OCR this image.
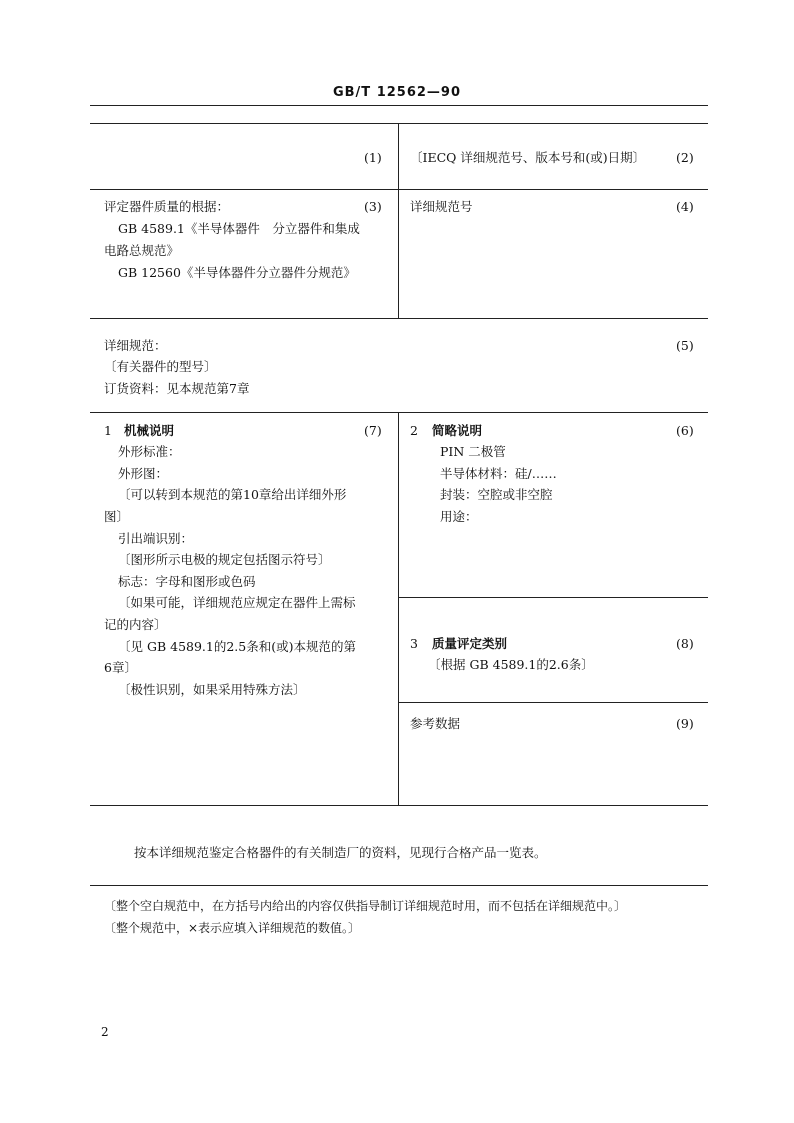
GB/T 12562—90
(1) 〔IECQ 详细规范号、版本号和(或)日期〕 (2)
评定器件质量的根据：	(3)
GB 4589.1《半导体器件　分立器件和集成
电路总规范》
GB 12560《半导体器件分立器件分规范》
详细规范号	(4)
详细规范：	(5)
〔有关器件的型号〕
订货资料：见本规范第7章
1 机械说明	(7)
外形标准：
外形图：
〔可以转到本规范的第10章给出详细外形
图〕
引出端识别：
〔图形所示电极的规定包括图示符号〕
标志：字母和图形或色码
〔如果可能，详细规范应规定在器件上需标
记的内容〕
〔见 GB 4589.1的2.5条和(或)本规范的第
6章〕
〔极性识别，如果采用特殊方法〕
2 简略说明	(6)
PIN 二极管
半导体材料：硅/……
封装：空腔或非空腔
用途：
3 质量评定类别	(8)
〔根据 GB 4589.1的2.6条〕
参考数据	(9)
按本详细规范鉴定合格器件的有关制造厂的资料，见现行合格产品一览表。
〔整个空白规范中，在方括号内给出的内容仅供指导制订详细规范时用，而不包括在详细规范中。〕
〔整个规范中，×表示应填入详细规范的数值。〕
2
